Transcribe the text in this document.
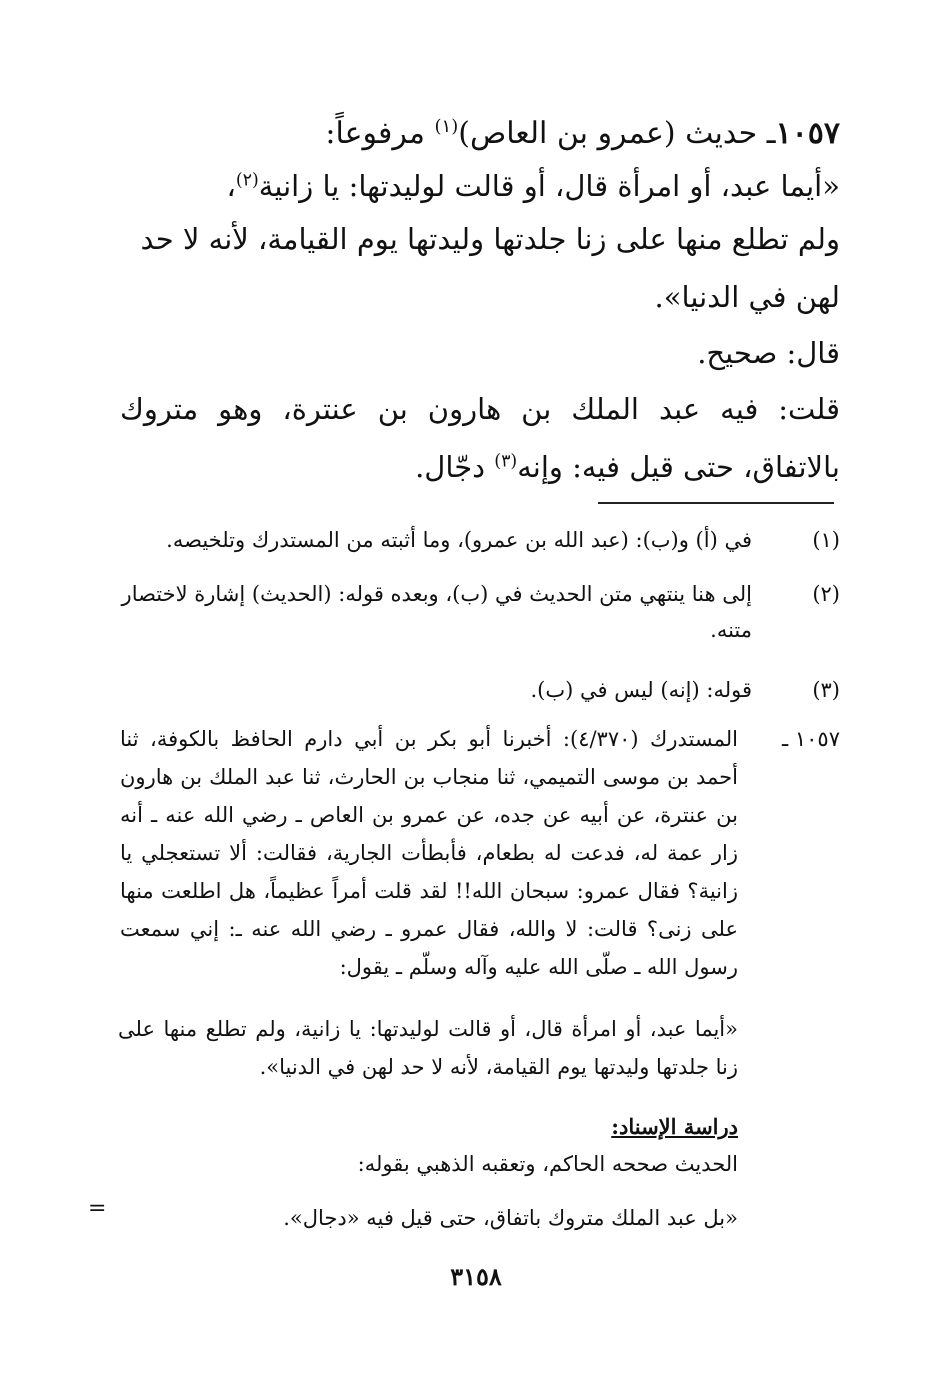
١٠٥٧ـ حديث (عمرو بن العاص)$^{(١)}$ مرفوعاً:
«أيما عبد، أو امرأة قال، أو قالت لوليدتها: يا زانية$^{(٢)}$،

ولم تطلع منها على زنا جلدتها وليدتها يوم القيامة، لأنه لا حد لهن في الدنيا».

قال: صحيح.

قلت: فيه عبد الملك بن هارون بن عنترة، وهو متروك بالاتفاق، حتى قيل فيه: وإنه$^{(٣)}$ دجّال.

(١)
في (أ) و(ب): (عبد الله بن عمرو)، وما أثبته من المستدرك وتلخيصه.
(٢)
إلى هنا ينتهي متن الحديث في (ب)، وبعده قوله: (الحديث) إشارة لاختصار متنه.
(٣)
قوله: (إنه) ليس في (ب).
١٠٥٧ ـ
المستدرك (٤/٣٧٠): أخبرنا أبو بكر بن أبي دارم الحافظ بالكوفة، ثنا أحمد بن موسى التميمي، ثنا منجاب بن الحارث، ثنا عبد الملك بن هارون بن عنترة، عن أبيه عن جده، عن عمرو بن العاص ـ رضي الله عنه ـ أنه زار عمة له، فدعت له بطعام، فأبطأت الجارية، فقالت: ألا تستعجلي يا زانية؟ فقال عمرو: سبحان الله!! لقد قلت أمراً عظيماً، هل اطلعت منها على زنى؟ قالت: لا والله، فقال عمرو ـ رضي الله عنه ـ: إني سمعت رسول الله ـ صلّى الله عليه وآله وسلّم ـ يقول:
«أيما عبد، أو امرأة قال، أو قالت لوليدتها: يا زانية، ولم تطلع منها على زنا جلدتها وليدتها يوم القيامة، لأنه لا حد لهن في الدنيا».
دراسة الإسناد:
الحديث صححه الحاكم، وتعقبه الذهبي بقوله:
«بل عبد الملك متروك باتفاق، حتى قيل فيه «دجال».
=
٣١٥٨
